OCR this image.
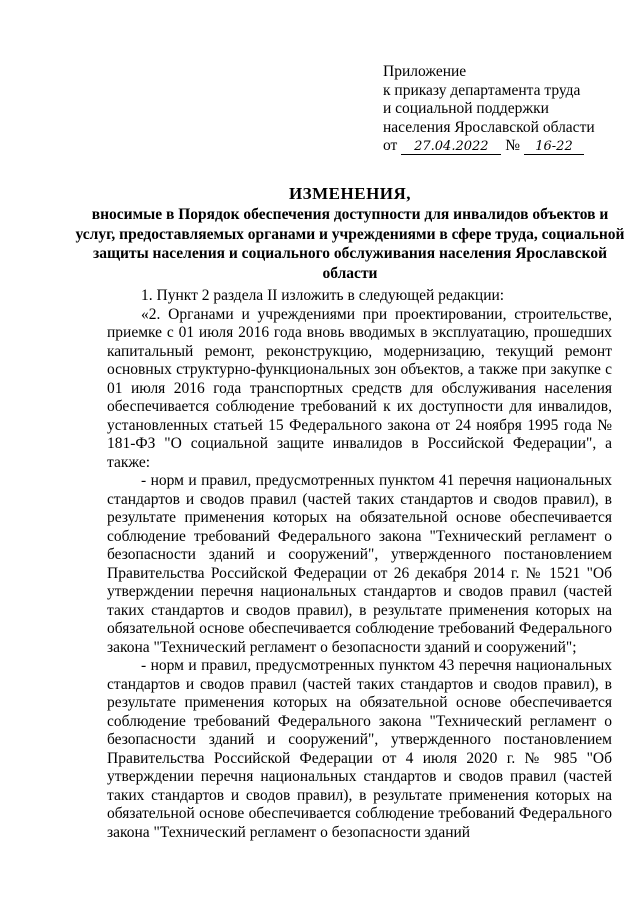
Приложение
к приказу департамента труда
и социальной поддержки
населения Ярославской области
от 27.04.2022 № 16-22
ИЗМЕНЕНИЯ,
вносимые в Порядок обеспечения доступности для инвалидов объектов и услуг, предоставляемых органами и учреждениями в сфере труда, социальной защиты населения и социального обслуживания населения Ярославской области

1. Пункт 2 раздела II изложить в следующей редакции:

«2. Органами и учреждениями при проектировании, строительстве, приемке с 01 июля 2016 года вновь вводимых в эксплуатацию, прошедших капитальный ремонт, реконструкцию, модернизацию, текущий ремонт основных структурно-функциональных зон объектов, а также при закупке с 01 июля 2016 года транспортных средств для обслуживания населения обеспечивается соблюдение требований к их доступности для инвалидов, установленных статьей 15 Федерального закона от 24 ноября 1995 года № 181-ФЗ "О социальной защите инвалидов в Российской Федерации", а также:

- норм и правил, предусмотренных пунктом 41 перечня национальных стандартов и сводов правил (частей таких стандартов и сводов правил), в результате применения которых на обязательной основе обеспечивается соблюдение требований Федерального закона "Технический регламент о безопасности зданий и сооружений", утвержденного постановлением Правительства Российской Федерации от 26 декабря 2014 г. № 1521 "Об утверждении перечня национальных стандартов и сводов правил (частей таких стандартов и сводов правил), в результате применения которых на обязательной основе обеспечивается соблюдение требований Федерального закона "Технический регламент о безопасности зданий и сооружений";

- норм и правил, предусмотренных пунктом 43 перечня национальных стандартов и сводов правил (частей таких стандартов и сводов правил), в результате применения которых на обязательной основе обеспечивается соблюдение требований Федерального закона "Технический регламент о безопасности зданий и сооружений", утвержденного постановлением Правительства Российской Федерации от 4 июля 2020 г. № 985 "Об утверждении перечня национальных стандартов и сводов правил (частей таких стандартов и сводов правил), в результате применения которых на обязательной основе обеспечивается соблюдение требований Федерального закона "Технический регламент о безопасности зданий
